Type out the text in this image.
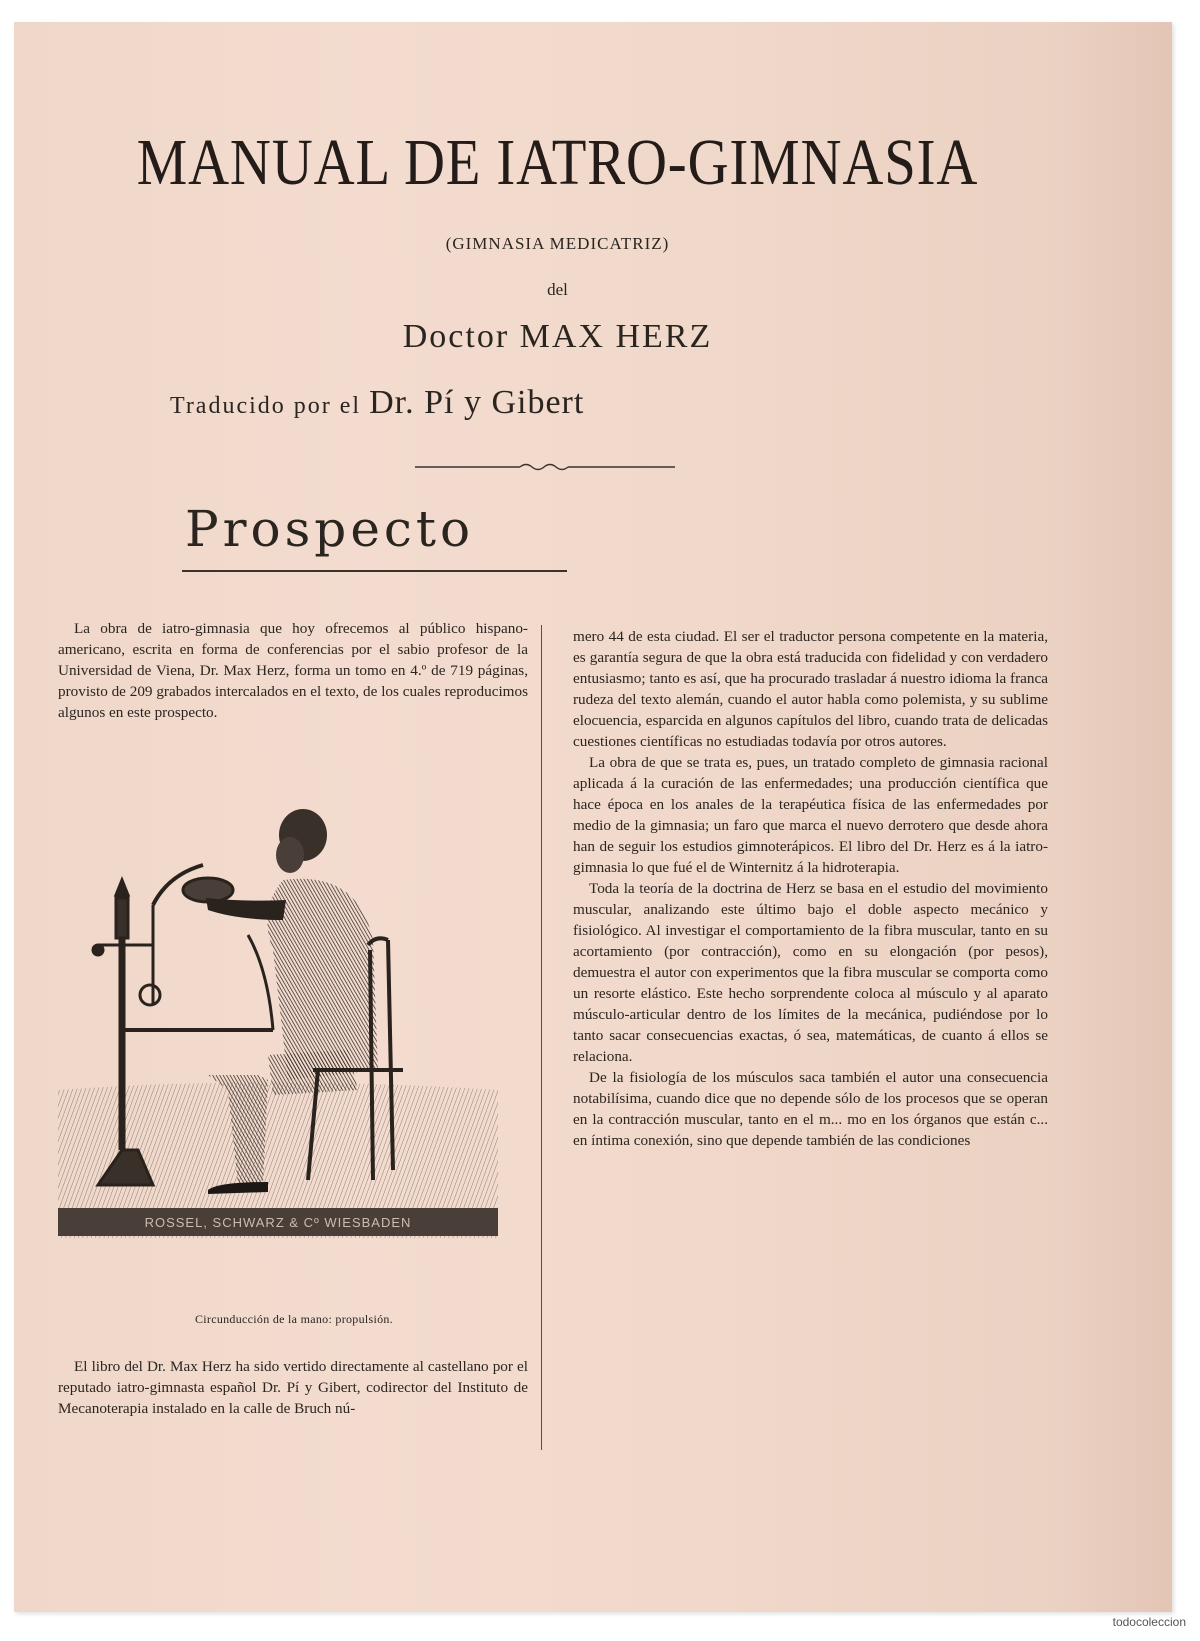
MANUAL DE IATRO-GIMNASIA
(GIMNASIA MEDICATRIZ)
del
Doctor MAX HERZ
Traducido por el Dr. Pí y Gibert
Prospecto

La obra de iatro-gimnasia que hoy ofrecemos al público hispano-americano, escrita en forma de conferencias por el sabio profesor de la Universidad de Viena, Dr. Max Herz, forma un tomo en 4.º de 719 páginas, provisto de 209 grabados intercalados en el texto, de los cuales reproducimos algunos en este prospecto.

ROSSEL, SCHWARZ & Cº WIESBADEN
Circunducción de la mano: propulsión.

El libro del Dr. Max Herz ha sido vertido directamente al castellano por el reputado iatro-gimnasta español Dr. Pí y Gibert, codirector del Instituto de Mecanoterapia instalado en la calle de Bruch nú-

mero 44 de esta ciudad. El ser el traductor persona competente en la materia, es garantía segura de que la obra está traducida con fidelidad y con verdadero entusiasmo; tanto es así, que ha procurado trasladar á nuestro idioma la franca rudeza del texto alemán, cuando el autor habla como polemista, y su sublime elocuencia, esparcida en algunos capítulos del libro, cuando trata de delicadas cuestiones científicas no estudiadas todavía por otros autores.

La obra de que se trata es, pues, un tratado completo de gimnasia racional aplicada á la curación de las enfermedades; una producción científica que hace época en los anales de la terapéutica física de las enfermedades por medio de la gimnasia; un faro que marca el nuevo derrotero que desde ahora han de seguir los estudios gimnoterápicos. El libro del Dr. Herz es á la iatro-gimnasia lo que fué el de Winternitz á la hidroterapia.

Toda la teoría de la doctrina de Herz se basa en el estudio del movimiento muscular, analizando este último bajo el doble aspecto mecánico y fisiológico. Al investigar el comportamiento de la fibra muscular, tanto en su acortamiento (por contracción), como en su elongación (por pesos), demuestra el autor con experimentos que la fibra muscular se comporta como un resorte elástico. Este hecho sorprendente coloca al músculo y al aparato músculo-articular dentro de los límites de la mecánica, pudiéndose por lo tanto sacar consecuencias exactas, ó sea, matemáticas, de cuanto á ellos se relaciona.

De la fisiología de los músculos saca también el autor una consecuencia notabilísima, cuando dice que no depende sólo de los procesos que se operan en la contracción muscular, tanto en el m... mo en los órganos que están c... en íntima conexión, sino que depende también de las condiciones

todocoleccion
